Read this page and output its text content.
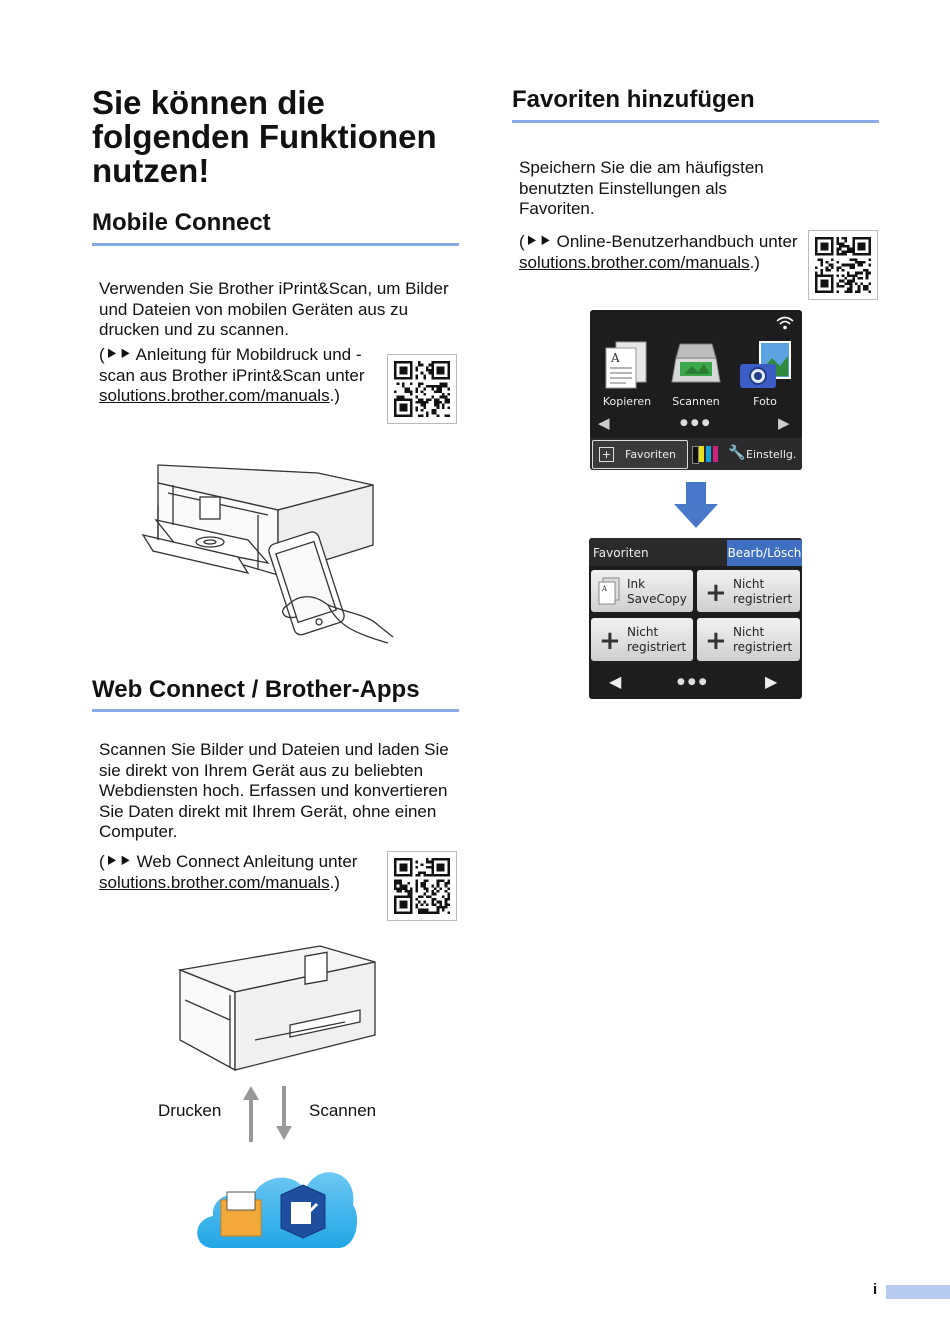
Sie können die folgenden Funktionen nutzen!
Mobile Connect

Verwenden Sie Brother iPrint&Scan, um Bilder und Dateien von mobilen Geräten aus zu drucken und zu scannen.

(⯈⯈ Anleitung für Mobildruck und -scan aus Brother iPrint&Scan unter solutions.brother.com/manuals.)
Web Connect / Brother-Apps

Scannen Sie Bilder und Dateien und laden Sie sie direkt von Ihrem Gerät aus zu beliebten Webdiensten hoch. Erfassen und konvertieren Sie Daten direkt mit Ihrem Gerät, ohne einen Computer.

(⯈⯈ Web Connect Anleitung unter solutions.brother.com/manuals.)
Drucken	Scannen
Favoriten hinzufügen

Speichern Sie die am häufigsten benutzten Einstellungen als Favoriten.

(⯈⯈ Online-Benutzerhandbuch unter solutions.brother.com/manuals.)
A
Kopieren	Scannen	Foto
◀	▶
●●●
+ Favoriten	🔧 Einstellg.
Favoriten	Bearb/Lösch
A Ink
SaveCopy + Nicht
registriert
+ Nicht
registriert + Nicht
registriert
◀	▶
●●●
i
